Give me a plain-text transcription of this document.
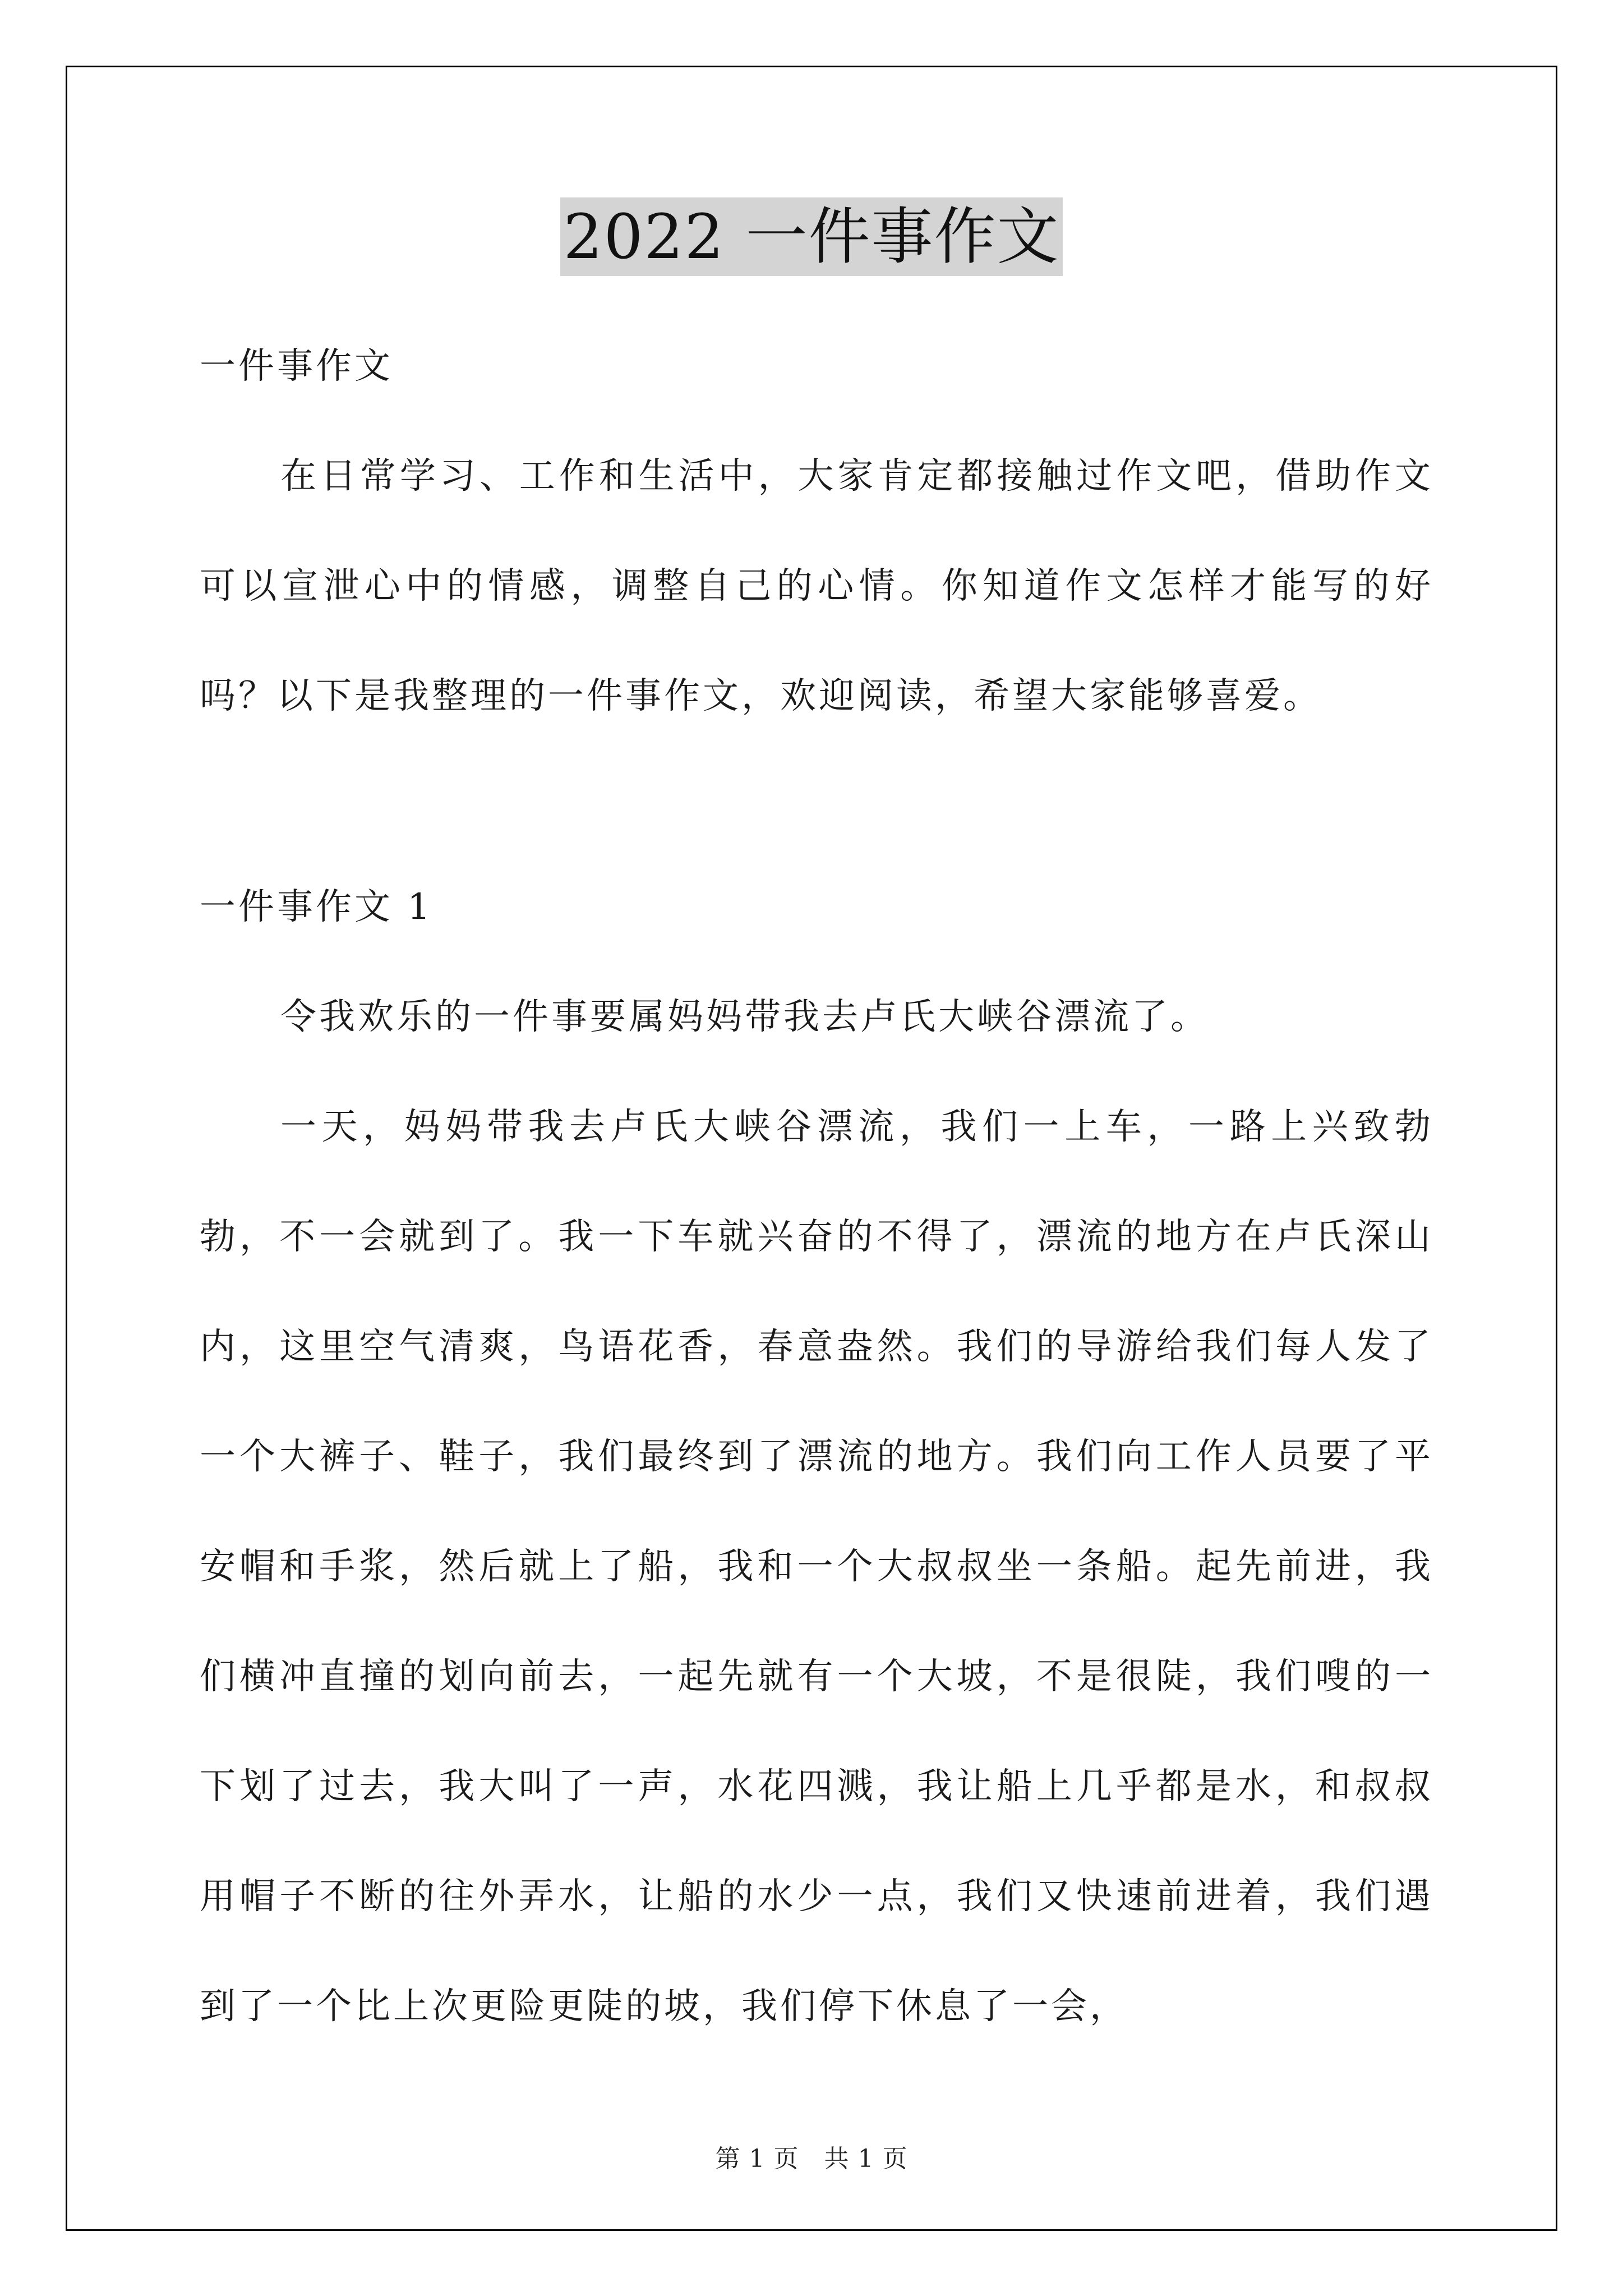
2022 一件事作文

一件事作文

在日常学习、工作和生活中，大家肯定都接触过作文吧，借助作文可以宣泄心中的情感，调整自己的心情。你知道作文怎样才能写的好吗？以下是我整理的一件事作文，欢迎阅读，希望大家能够喜爱。

一件事作文 1

令我欢乐的一件事要属妈妈带我去卢氏大峡谷漂流了。

一天，妈妈带我去卢氏大峡谷漂流，我们一上车，一路上兴致勃勃，不一会就到了。我一下车就兴奋的不得了，漂流的地方在卢氏深山内，这里空气清爽，鸟语花香，春意盎然。我们的导游给我们每人发了一个大裤子、鞋子，我们最终到了漂流的地方。我们向工作人员要了平安帽和手浆，然后就上了船，我和一个大叔叔坐一条船。起先前进，我们横冲直撞的划向前去，一起先就有一个大坡，不是很陡，我们嗖的一下划了过去，我大叫了一声，水花四溅，我让船上几乎都是水，和叔叔用帽子不断的往外弄水，让船的水少一点，我们又快速前进着，我们遇到了一个比上次更险更陡的坡，我们停下休息了一会，

第 1 页　共 1 页
